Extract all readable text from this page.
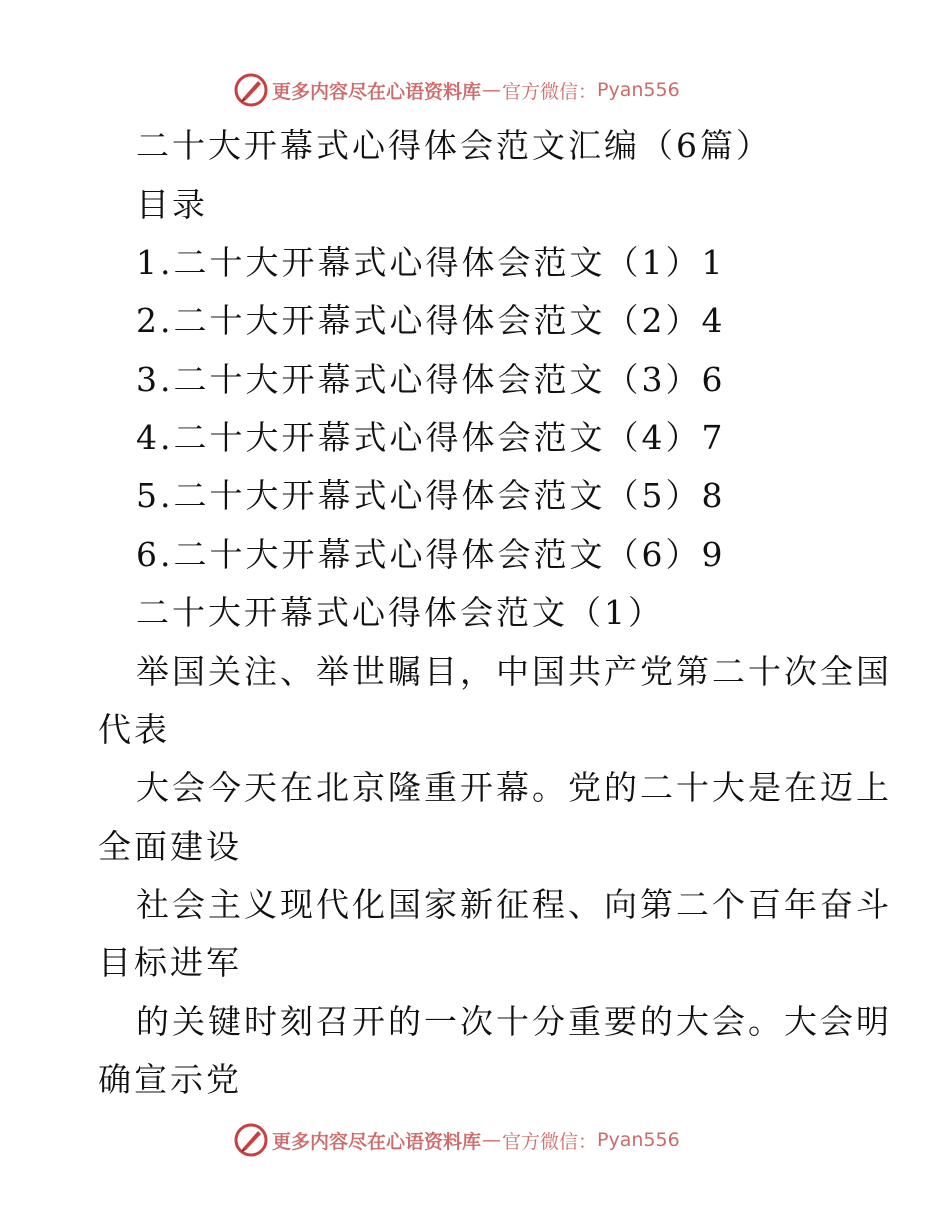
更多内容尽在心语资料库 — 官方微信： Pyan556
二十大开幕式心得体会范文汇编（6篇）
目录
1.二十大开幕式心得体会范文（1）1
2.二十大开幕式心得体会范文（2）4
3.二十大开幕式心得体会范文（3）6
4.二十大开幕式心得体会范文（4）7
5.二十大开幕式心得体会范文（5）8
6.二十大开幕式心得体会范文（6）9
二十大开幕式心得体会范文（1）
举国关注、举世瞩目，中国共产党第二十次全国
代表
大会今天在北京隆重开幕。党的二十大是在迈上
全面建设
社会主义现代化国家新征程、向第二个百年奋斗
目标进军
的关键时刻召开的一次十分重要的大会。大会明
确宣示党
更多内容尽在心语资料库 — 官方微信： Pyan556
